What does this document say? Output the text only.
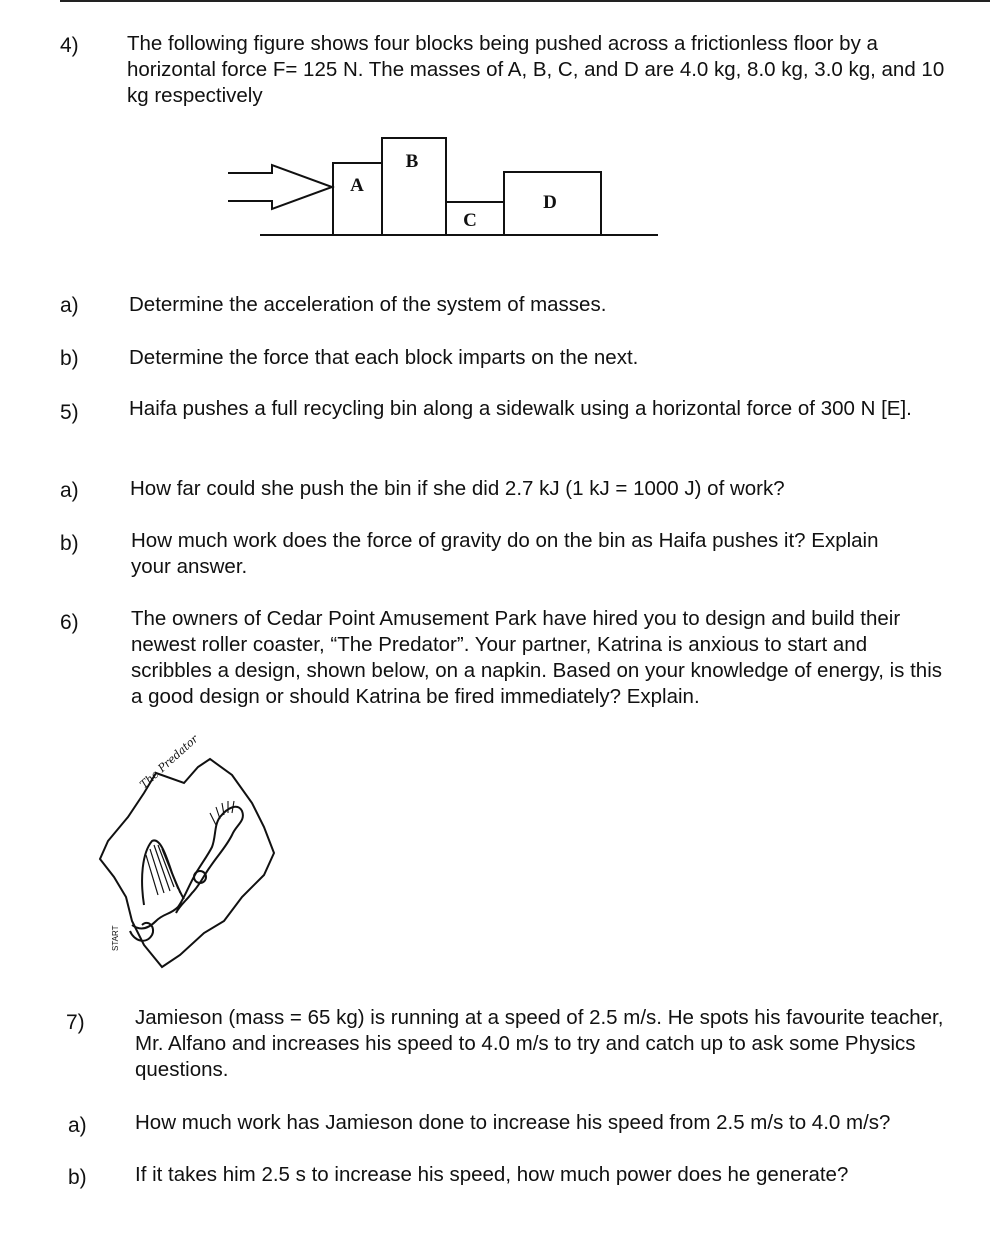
4) The following figure shows four blocks being pushed across a frictionless floor by a horizontal force F= 125 N. The masses of A, B, C, and D are 4.0 kg, 8.0 kg, 3.0 kg, and 10 kg respectively
A
B
C
D
a) Determine the acceleration of the system of masses.
b) Determine the force that each block imparts on the next.
5) Haifa pushes a full recycling bin along a sidewalk using a horizontal force of 300 N [E].
a)	How far could she push the bin if she did 2.7 kJ (1 kJ = 1000 J) of work?
b)	How much work does the force of gravity do on the bin as Haifa pushes it? Explain your answer.
6)	The owners of Cedar Point Amusement Park have hired you to design and build their newest roller coaster, “The Predator”. Your partner, Katrina is anxious to start and scribbles a design, shown below, on a napkin. Based on your knowledge of energy, is this a good design or should Katrina be fired immediately? Explain.
The Predator
START
7) Jamieson (mass = 65 kg) is running at a speed of 2.5 m/s. He spots his favourite teacher, Mr. Alfano and increases his speed to 4.0 m/s to try and catch up to ask some Physics questions.
a) How much work has Jamieson done to increase his speed from 2.5 m/s to 4.0 m/s?
b) If it takes him 2.5 s to increase his speed, how much power does he generate?
